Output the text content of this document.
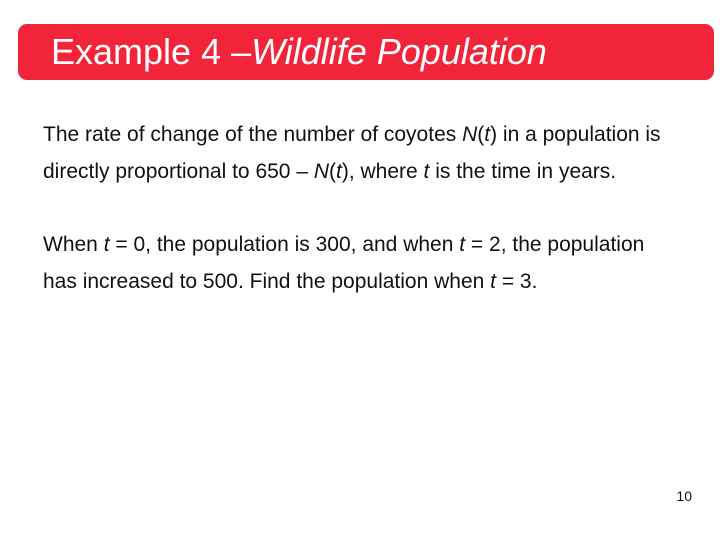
Example 4 – Wildlife Population

The rate of change of the number of coyotes N(t) in a population is directly proportional to 650 – N(t), where t is the time in years.

When t = 0, the population is 300, and when t = 2, the population has increased to 500. Find the population when t = 3.

10
